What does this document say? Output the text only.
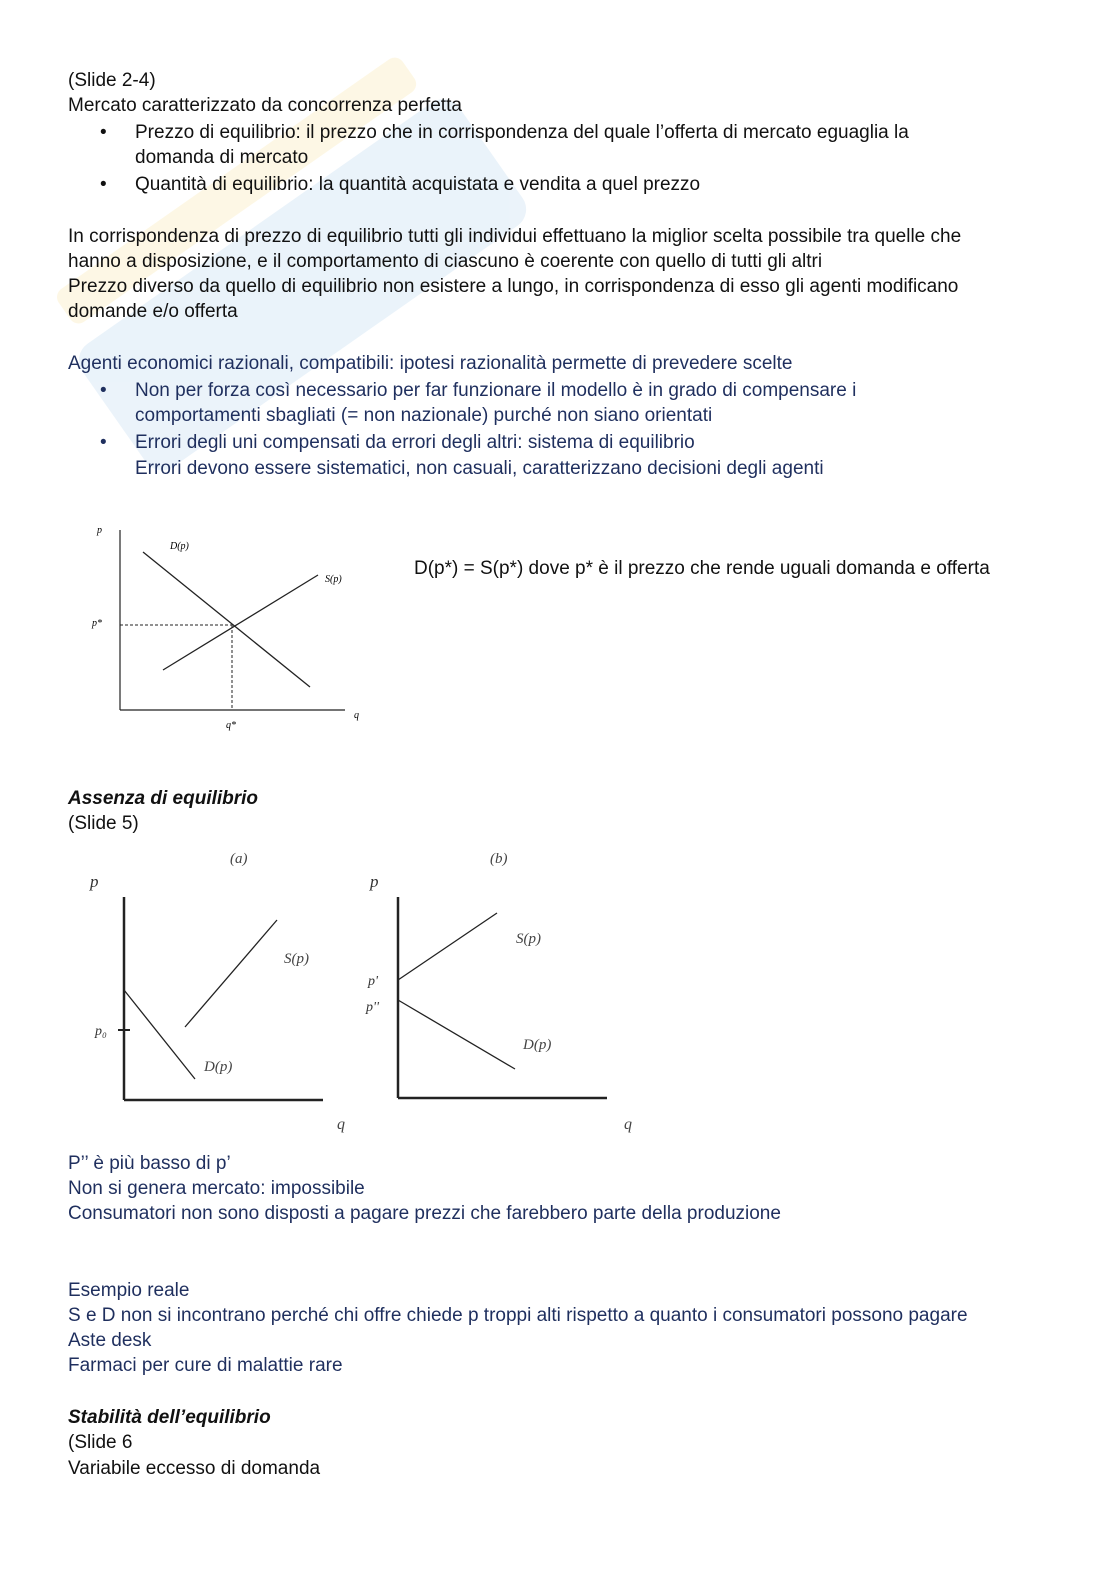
(Slide 2-4)
Mercato caratterizzato da concorrenza perfetta
•	Prezzo di equilibrio: il prezzo che in corrispondenza del quale l’offerta di mercato eguaglia la
domanda di mercato
•	Quantità di equilibrio: la quantità acquistata e vendita a quel prezzo
In corrispondenza di prezzo di equilibrio tutti gli individui effettuano la miglior scelta possibile tra quelle che
hanno a disposizione, e il comportamento di ciascuno è coerente con quello di tutti gli altri
Prezzo diverso da quello di equilibrio non esistere a lungo, in corrispondenza di esso gli agenti modificano
domande e/o offerta
Agenti economici razionali, compatibili: ipotesi razionalità permette di prevedere scelte
•	Non per forza così necessario per far funzionare il modello è in grado di compensare i
comportamenti sbagliati (= non nazionale) purché non siano orientati
•	Errori degli uni compensati da errori degli altri: sistema di equilibrio
Errori devono essere sistematici, non casuali, caratterizzano decisioni degli agenti
p
q
D(p)
S(p)
p*
q*
D(p*) = S(p*) dove p* è il prezzo che rende uguali domanda e offerta
Assenza di equilibrio
(Slide 5)
(a)
p
p₀
S(p)
D(p)
q
(b)
p
p'
p''
S(p)
D(p)
q
P’’ è più basso di p’
Non si genera mercato: impossibile
Consumatori non sono disposti a pagare prezzi che farebbero parte della produzione
Esempio reale
S e D non si incontrano perché chi offre chiede p troppi alti rispetto a quanto i consumatori possono pagare
Aste desk
Farmaci per cure di malattie rare
Stabilità dell’equilibrio
(Slide 6
Variabile eccesso di domanda
